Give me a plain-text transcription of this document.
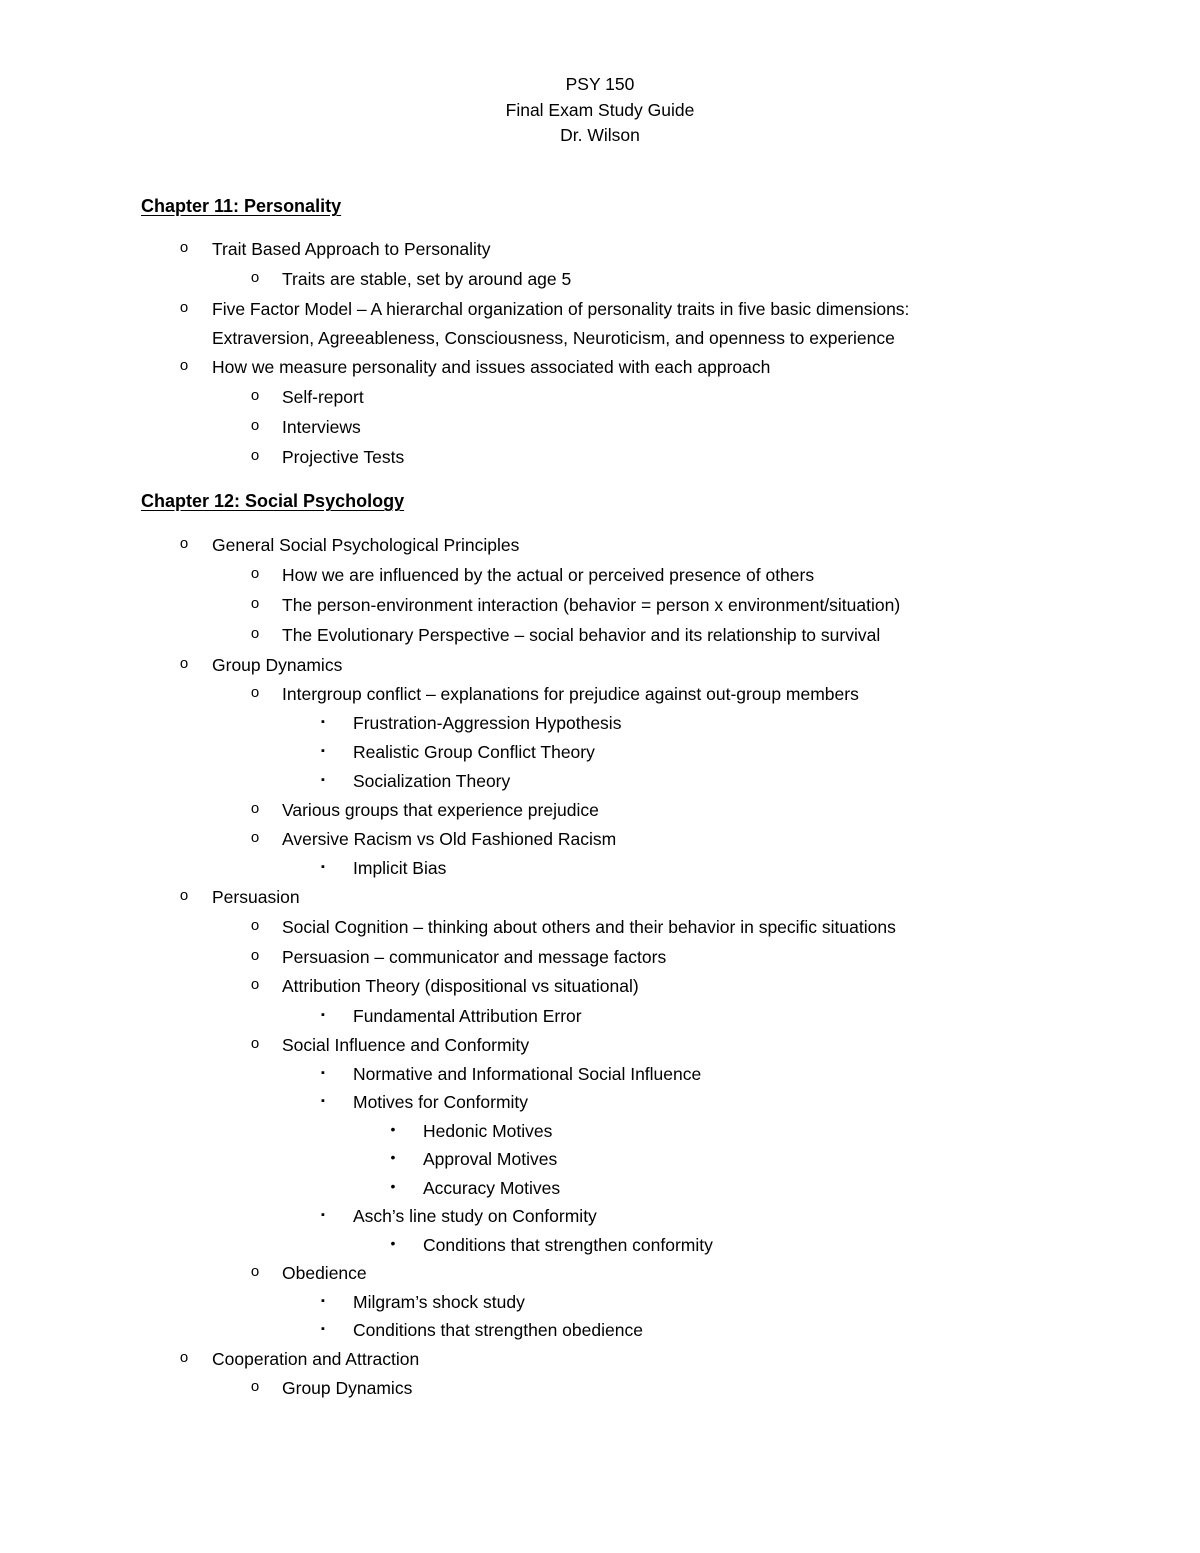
PSY 150
Final Exam Study Guide
Dr. Wilson
Chapter 11: Personality
o Trait Based Approach to Personality
o Traits are stable, set by around age 5
o Five Factor Model – A hierarchal organization of personality traits in five basic dimensions:
Extraversion, Agreeableness, Consciousness, Neuroticism, and openness to experience
o How we measure personality and issues associated with each approach
o Self-report
o Interviews
o Projective Tests
Chapter 12: Social Psychology
o General Social Psychological Principles
o How we are influenced by the actual or perceived presence of others
o The person-environment interaction (behavior = person x environment/situation)
o The Evolutionary Perspective – social behavior and its relationship to survival
o Group Dynamics
o Intergroup conflict – explanations for prejudice against out-group members
▪ Frustration-Aggression Hypothesis
▪ Realistic Group Conflict Theory
▪ Socialization Theory
o Various groups that experience prejudice
o Aversive Racism vs Old Fashioned Racism
▪ Implicit Bias
o Persuasion
o Social Cognition – thinking about others and their behavior in specific situations
o Persuasion – communicator and message factors
o Attribution Theory (dispositional vs situational)
▪ Fundamental Attribution Error
o Social Influence and Conformity
▪ Normative and Informational Social Influence
▪ Motives for Conformity
• Hedonic Motives
• Approval Motives
• Accuracy Motives
▪ Asch’s line study on Conformity
• Conditions that strengthen conformity
o Obedience
▪ Milgram’s shock study
▪ Conditions that strengthen obedience
o Cooperation and Attraction
o Group Dynamics
